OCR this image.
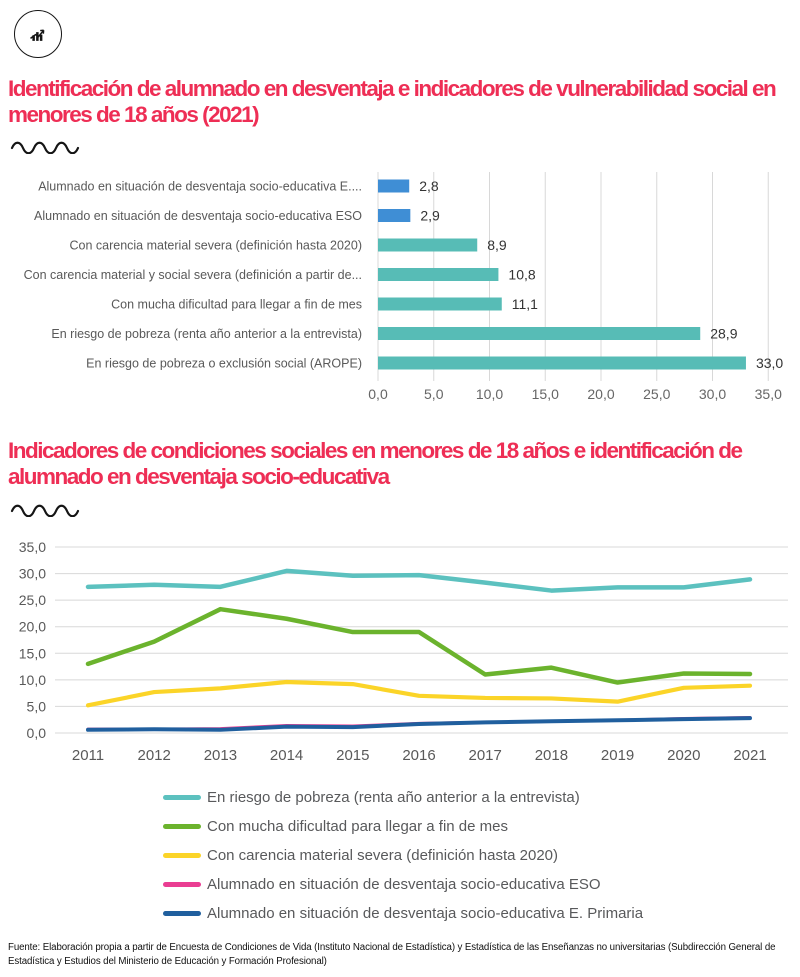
Identificación de alumnado en desventaja e indicadores de vulnerabilidad social en menores de 18 años (2021)
0,0	5,0 10,0 15,0 20,0 25,0 30,0 35,0
Alumnado en situación de desventaja socio-educativa E....	2,8
Alumnado en situación de desventaja socio-educativa ESO	2,9
Con carencia material severa (definición hasta 2020)	8,9
Con carencia material y social severa (definición a partir de...	10,8
Con mucha dificultad para llegar a fin de mes	11,1
En riesgo de pobreza (renta año anterior a la entrevista)	28,9
En riesgo de pobreza o exclusión social (AROPE)	33,0
Indicadores de condiciones sociales en menores de 18 años e identificación de alumnado en desventaja socio-educativa
0,0
5,0
10,0
15,0
20,0
25,0
30,0
35,0
2011 2012 2013 2014 2015 2016 2017 2018 2019 2020 2021
En riesgo de pobreza (renta año anterior a la entrevista)
Con mucha dificultad para llegar a fin de mes
Con carencia material severa (definición hasta 2020)
Alumnado en situación de desventaja socio-educativa ESO
Alumnado en situación de desventaja socio-educativa E. Primaria
Fuente: Elaboración propia a partir de Encuesta de Condiciones de Vida (Instituto Nacional de Estadística) y Estadística de las Enseñanzas no universitarias (Subdirección General de Estadística y Estudios del Ministerio de Educación y Formación Profesional)
